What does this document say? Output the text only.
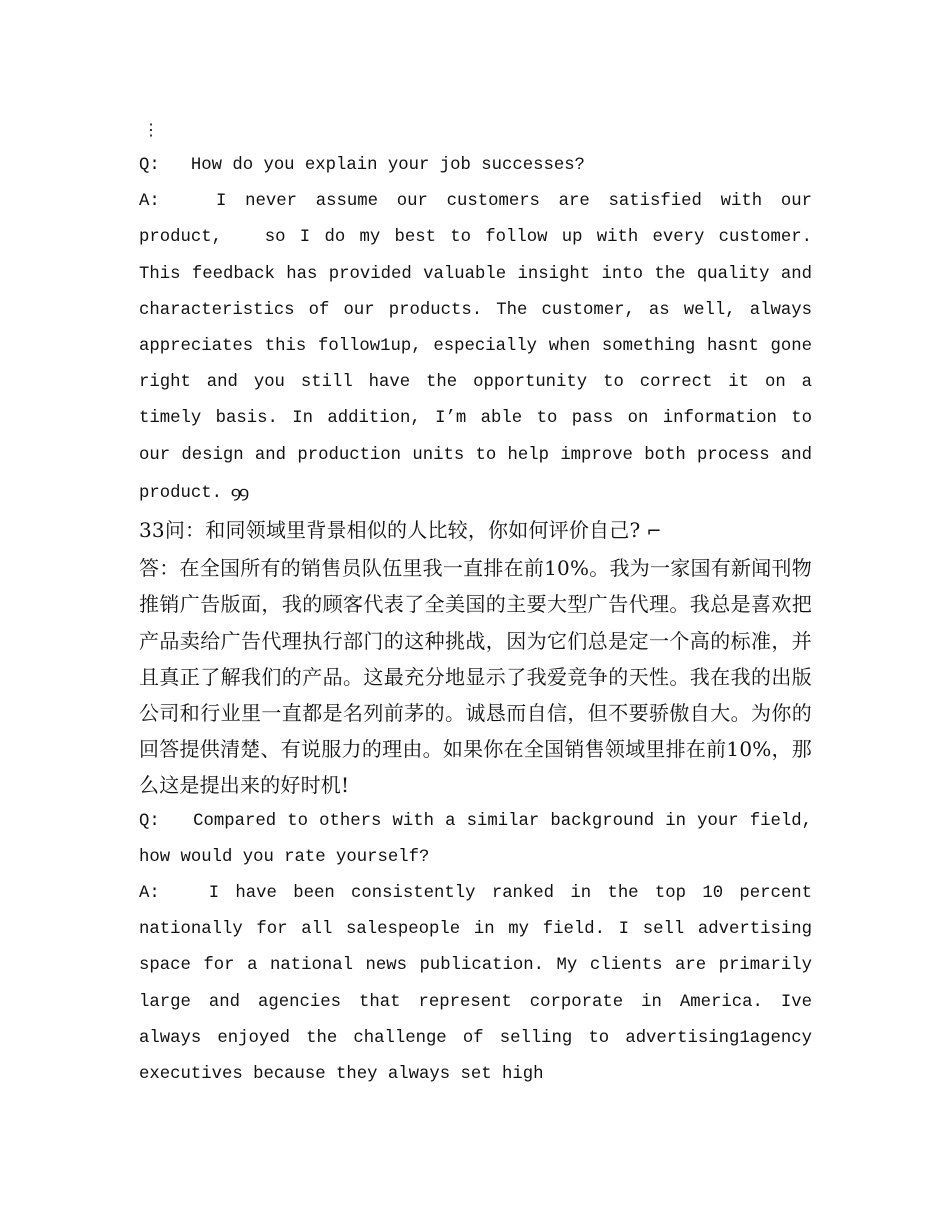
⋮

Q:   How do you explain your job successes?

A:   I never assume our customers are satisfied with our product,   so I do my best to follow up with every customer. This feedback has provided valuable insight into the quality and characteristics of our products. The customer, as well, always appreciates this follow1up, especially when something hasnt gone right and you still have the opportunity to correct it on a timely basis. In addition, I’m able to pass on information to our design and production units to help improve both process and product. ꝯꝯ

33问：和同领域里背景相似的人比较，你如何评价自己? ⌐

答：在全国所有的销售员队伍里我一直排在前10%。我为一家国有新闻刊物推销广告版面，我的顾客代表了全美国的主要大型广告代理。我总是喜欢把产品卖给广告代理执行部门的这种挑战，因为它们总是定一个高的标准，并且真正了解我们的产品。这最充分地显示了我爱竞争的天性。我在我的出版公司和行业里一直都是名列前茅的。诚恳而自信，但不要骄傲自大。为你的回答提供清楚、有说服力的理由。如果你在全国销售领域里排在前10%，那么这是提出来的好时机!

Q:   Compared to others with a similar background in your field, how would you rate yourself?

A:   I have been consistently ranked in the top 10 percent nationally for all salespeople in my field. I sell advertising space for a national news publication. My clients are primarily large and agencies that represent corporate in America. Ive always enjoyed the challenge of selling to advertising1agency executives because they always set high
